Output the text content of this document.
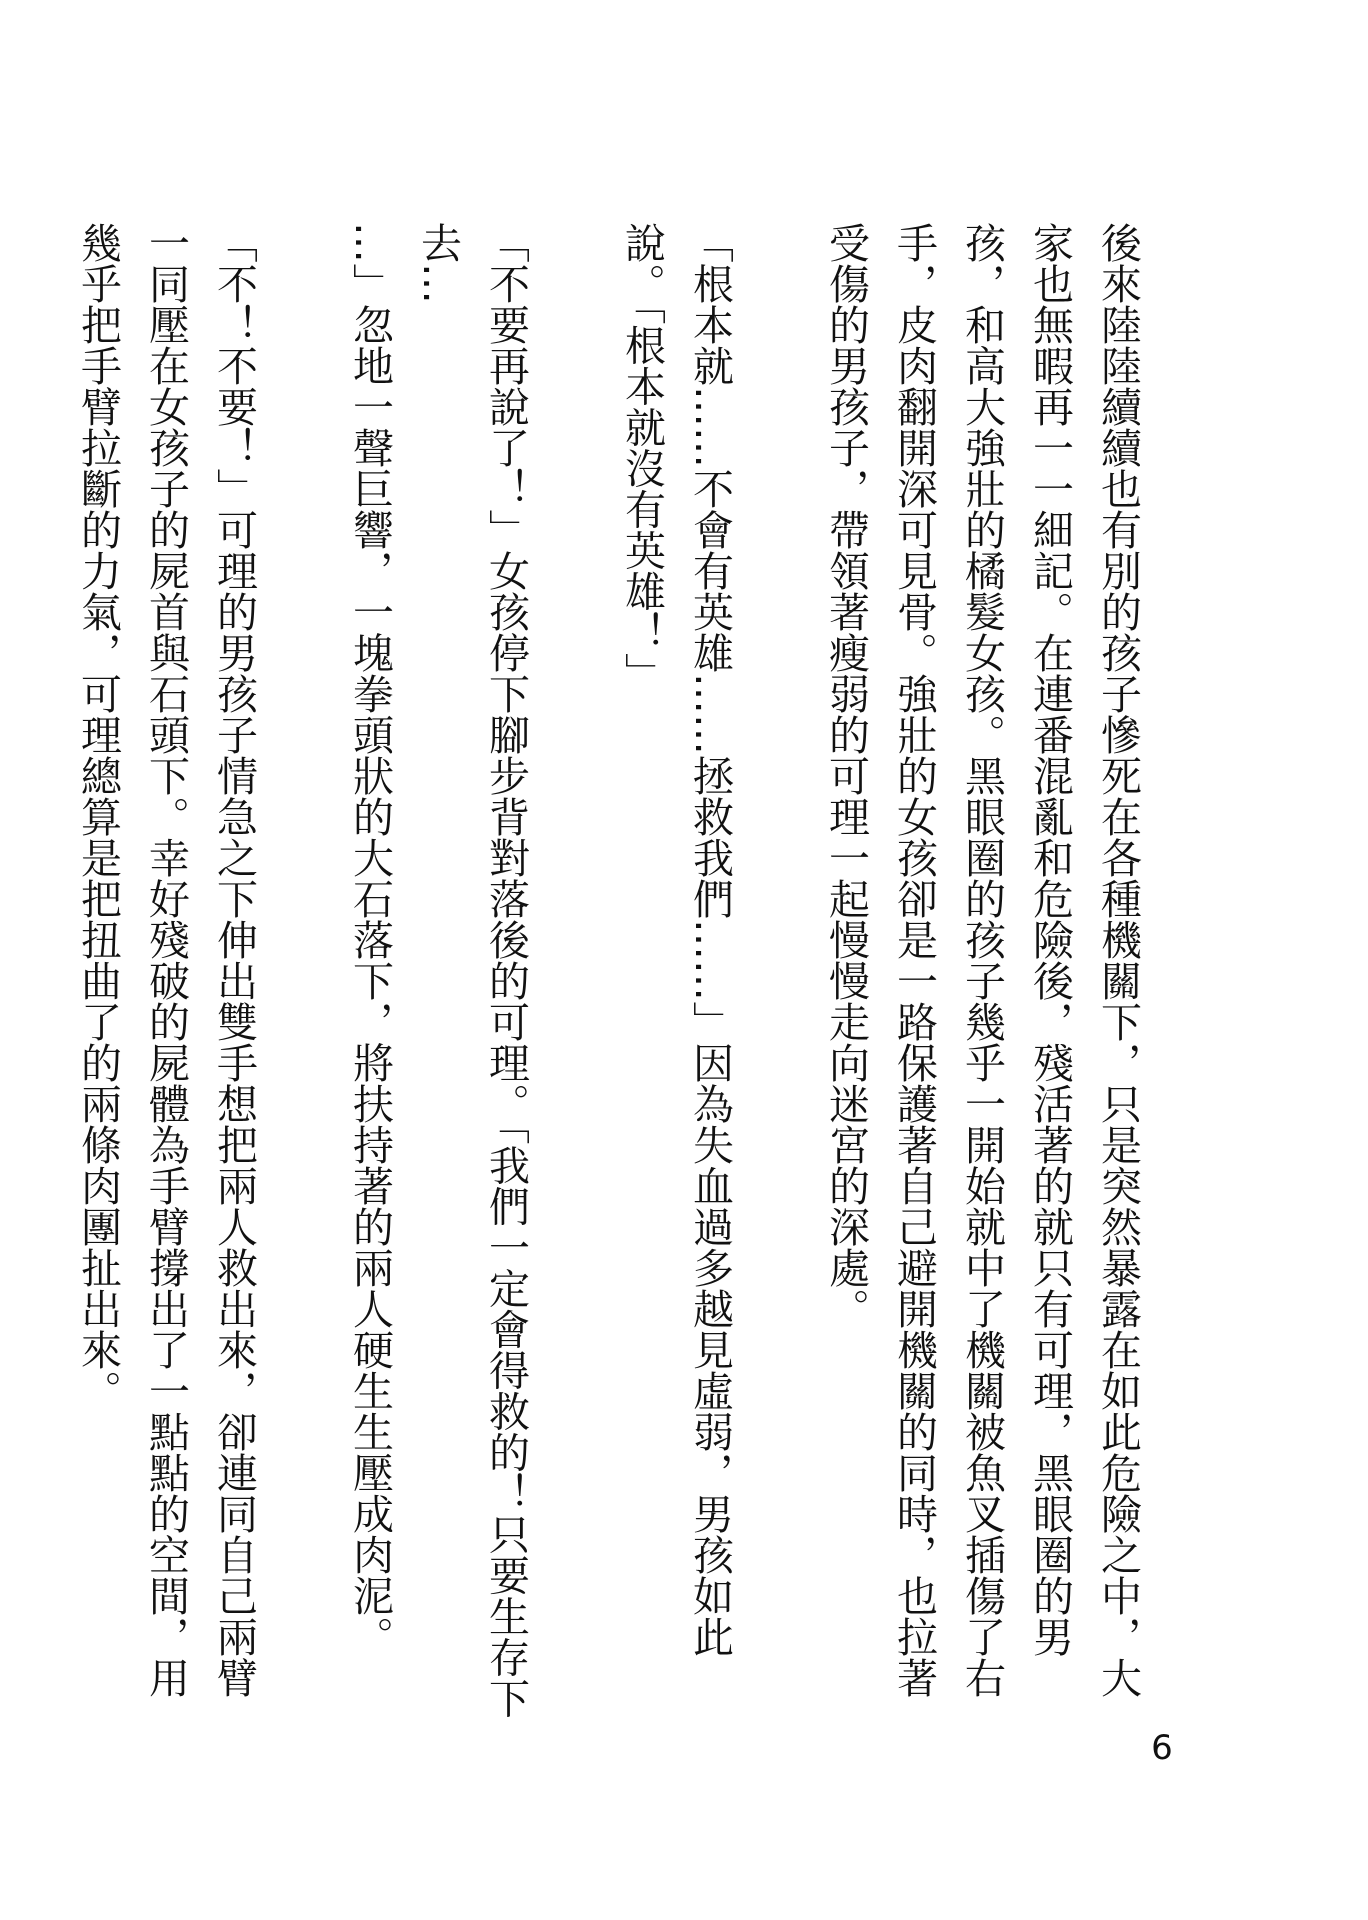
後來陸陸續續也有別的孩子慘死在各種機關下，只是突然暴露在如此危險之中，大家也無暇再一一細記。在連番混亂和危險後，殘活著的就只有可理，黑眼圈的男孩，和高大強壯的橘髮女孩。黑眼圈的孩子幾乎一開始就中了機關被魚叉插傷了右手，皮肉翻開深可見骨。強壯的女孩卻是一路保護著自己避開機關的同時，也拉著受傷的男孩子，帶領著瘦弱的可理一起慢慢走向迷宮的深處。

「根本就……不會有英雄……拯救我們……」因為失血過多越見虛弱，男孩如此說。「根本就沒有英雄！」

「不要再說了！」女孩停下腳步背對落後的可理。「我們一定會得救的！只要生存下去…

…」忽地一聲巨響，一塊拳頭狀的大石落下，將扶持著的兩人硬生生壓成肉泥。

「不！不要！」可理的男孩子情急之下伸出雙手想把兩人救出來，卻連同自己兩臂一同壓在女孩子的屍首與石頭下。幸好殘破的屍體為手臂撐出了一點點的空間，用幾乎把手臂拉斷的力氣，可理總算是把扭曲了的兩條肉團扯出來。

6
